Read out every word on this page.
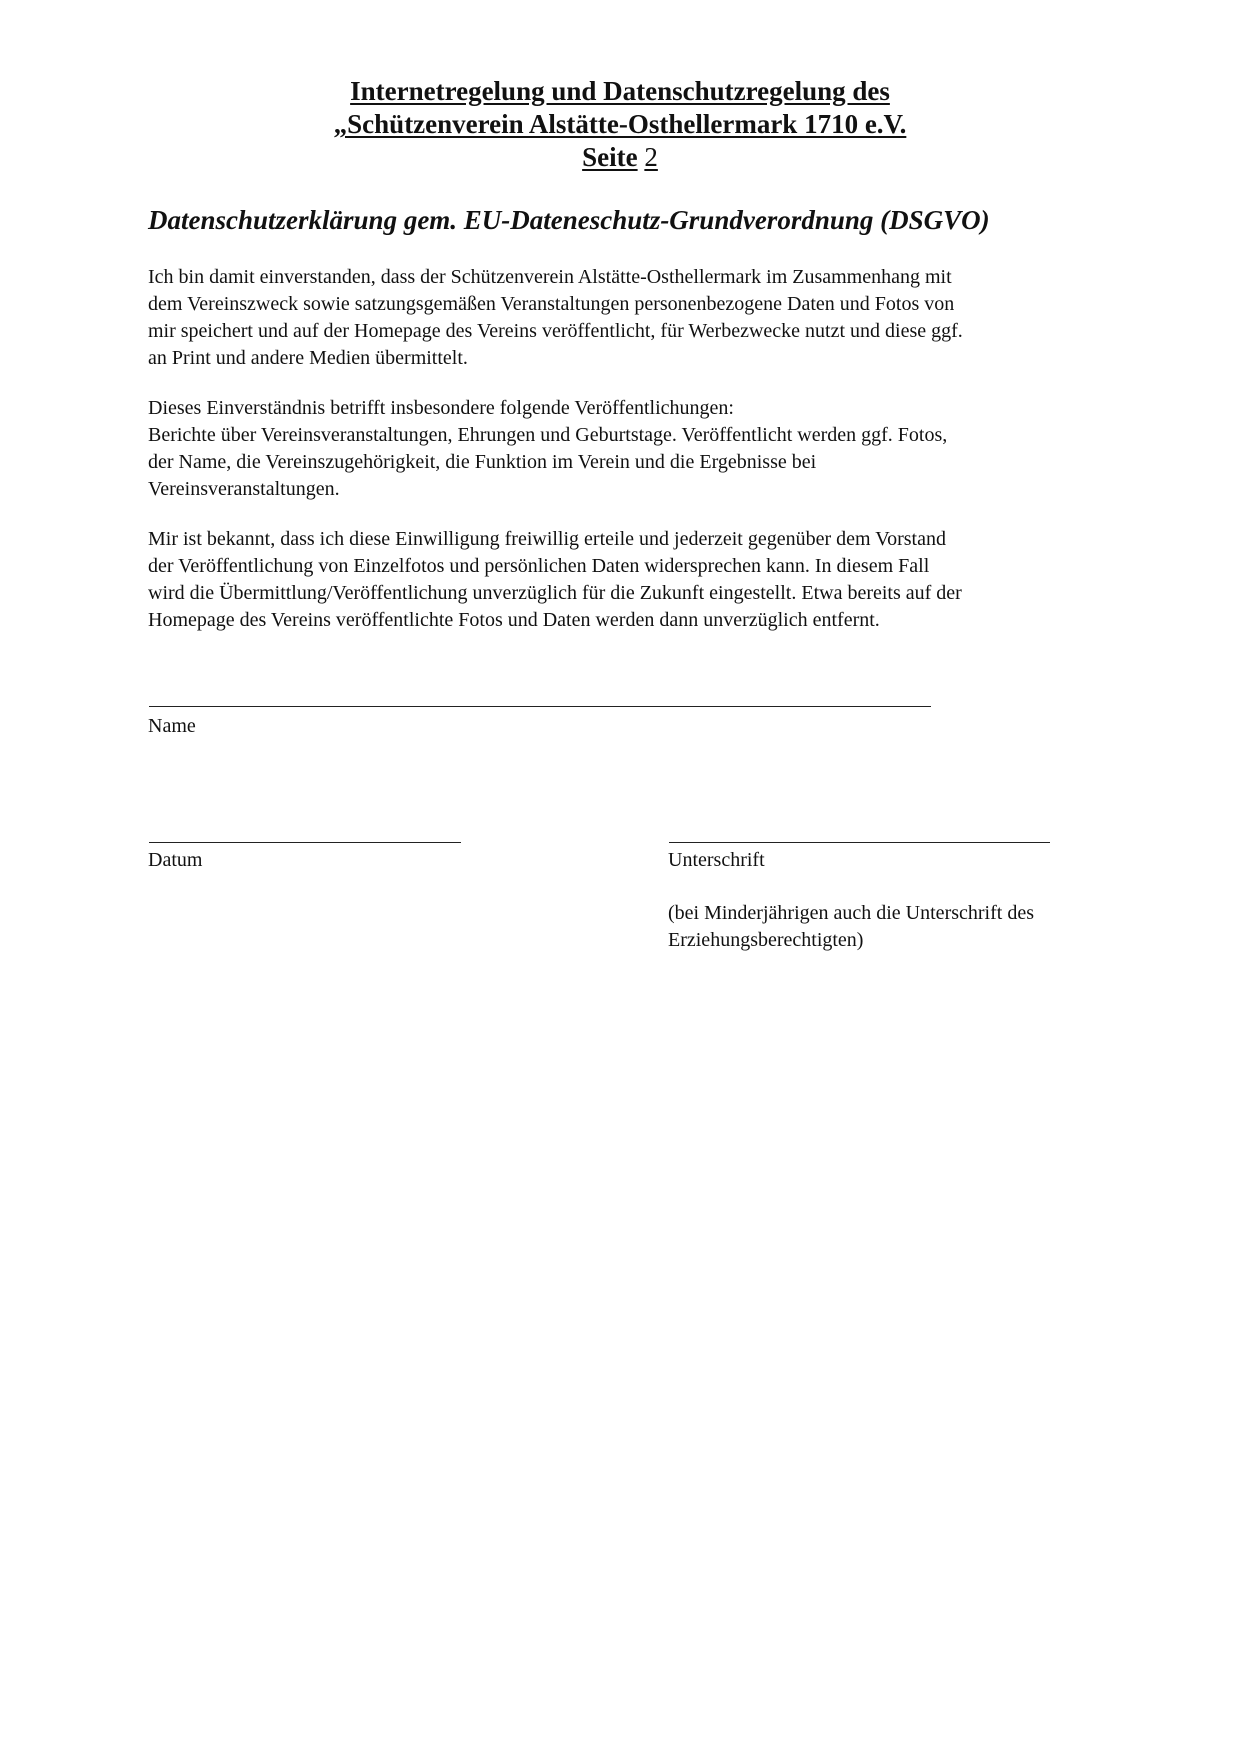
Internetregelung und Datenschutzregelung des
„Schützenverein Alstätte-Osthellermark 1710 e.V.
Seite 2
Datenschutzerklärung gem. EU-Dateneschutz-Grundverordnung (DSGVO)
Ich bin damit einverstanden, dass der Schützenverein Alstätte-Osthellermark im Zusammenhang mit
dem Vereinszweck sowie satzungsgemäßen Veranstaltungen personenbezogene Daten und Fotos von
mir speichert und auf der Homepage des Vereins veröffentlicht, für Werbezwecke nutzt und diese ggf.
an Print und andere Medien übermittelt.
Dieses Einverständnis betrifft insbesondere folgende Veröffentlichungen:
Berichte über Vereinsveranstaltungen, Ehrungen und Geburtstage. Veröffentlicht werden ggf. Fotos,
der Name, die Vereinszugehörigkeit, die Funktion im Verein und die Ergebnisse bei
Vereinsveranstaltungen.
Mir ist bekannt, dass ich diese Einwilligung freiwillig erteile und jederzeit gegenüber dem Vorstand
der Veröffentlichung von Einzelfotos und persönlichen Daten widersprechen kann. In diesem Fall
wird die Übermittlung/Veröffentlichung unverzüglich für die Zukunft eingestellt. Etwa bereits auf der
Homepage des Vereins veröffentlichte Fotos und Daten werden dann unverzüglich entfernt.
Name
Datum	Unterschrift
(bei Minderjährigen auch die Unterschrift des
Erziehungsberechtigten)
